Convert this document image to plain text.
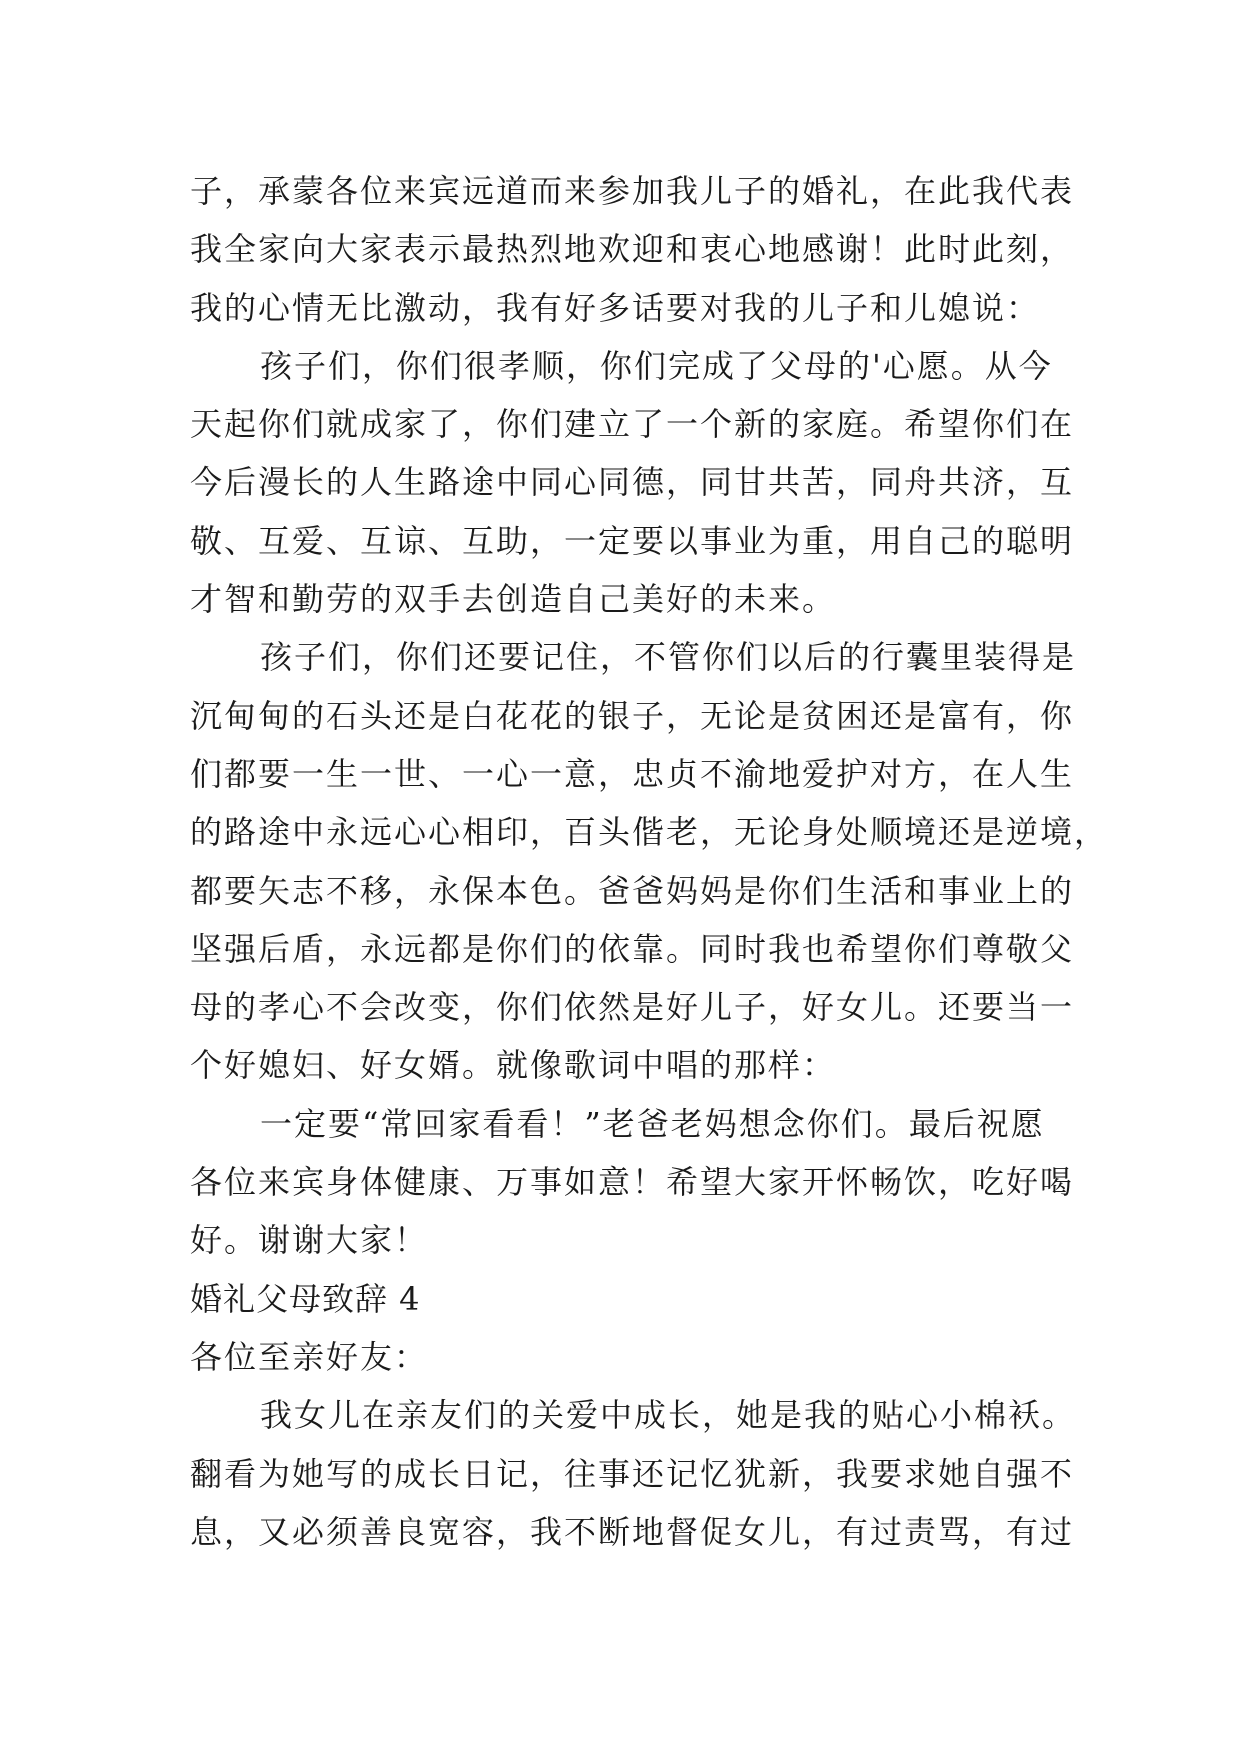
子，承蒙各位来宾远道而来参加我儿子的婚礼，在此我代表
我全家向大家表示最热烈地欢迎和衷心地感谢！此时此刻，
我的心情无比激动，我有好多话要对我的儿子和儿媳说：
孩子们，你们很孝顺，你们完成了父母的'心愿。从今
天起你们就成家了，你们建立了一个新的家庭。希望你们在
今后漫长的人生路途中同心同德，同甘共苦，同舟共济，互
敬、互爱、互谅、互助，一定要以事业为重，用自己的聪明
才智和勤劳的双手去创造自己美好的未来。
孩子们，你们还要记住，不管你们以后的行囊里装得是
沉甸甸的石头还是白花花的银子，无论是贫困还是富有，你
们都要一生一世、一心一意，忠贞不渝地爱护对方，在人生
的路途中永远心心相印，百头偕老，无论身处顺境还是逆境，
都要矢志不移，永保本色。爸爸妈妈是你们生活和事业上的
坚强后盾，永远都是你们的依靠。同时我也希望你们尊敬父
母的孝心不会改变，你们依然是好儿子，好女儿。还要当一
个好媳妇、好女婿。就像歌词中唱的那样：
一定要“常回家看看！”老爸老妈想念你们。最后祝愿
各位来宾身体健康、万事如意！希望大家开怀畅饮，吃好喝
好。谢谢大家！
婚礼父母致辞 4
各位至亲好友：
我女儿在亲友们的关爱中成长，她是我的贴心小棉袄。
翻看为她写的成长日记，往事还记忆犹新，我要求她自强不
息，又必须善良宽容，我不断地督促女儿，有过责骂，有过
